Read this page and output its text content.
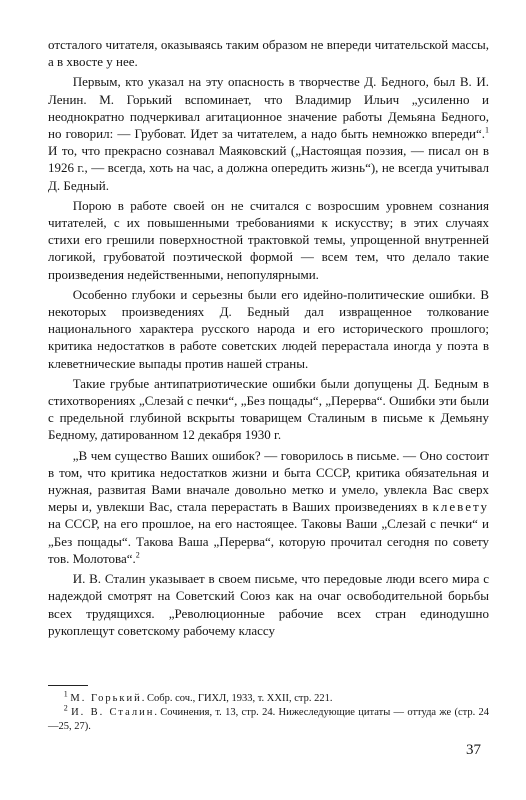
отсталого читателя, оказываясь таким образом не впереди читательской массы, а в хвосте у нее.

Первым, кто указал на эту опасность в творчестве Д. Бедного, был В. И. Ленин. М. Горький вспоминает, что Владимир Ильич „усиленно и неоднократно подчеркивал агитационное значение работы Демьяна Бедного, но говорил: — Грубоват. Идет за читателем, а надо быть немножко впереди“.$^1$ И то, что прекрасно сознавал Маяковский („Настоящая поэзия, — писал он в 1926 г., — всегда, хоть на час, а должна опередить жизнь“), не всегда учитывал Д. Бедный.

Порою в работе своей он не считался с возросшим уровнем сознания читателей, с их повышенными требованиями к искусству; в этих случаях стихи его грешили поверхностной трактовкой темы, упрощенной внутренней логикой, грубоватой поэтической формой — всем тем, что делало такие произведения недейственными, непопулярными.

Особенно глубоки и серьезны были его идейно-политические ошибки. В некоторых произведениях Д. Бедный дал извращенное толкование национального характера русского народа и его исторического прошлого; критика недостатков в работе советских людей перерастала иногда у поэта в клеветнические выпады против нашей страны.

Такие грубые антипатриотические ошибки были допущены Д. Бедным в стихотворениях „Слезай с печки“, „Без пощады“, „Перерва“. Ошибки эти были с предельной глубиной вскрыты товарищем Сталиным в письме к Демьяну Бедному, датированном 12 декабря 1930 г.

„В чем существо Ваших ошибок? — говорилось в письме. — Оно состоит в том, что критика недостатков жизни и быта СССР, критика обязательная и нужная, развитая Вами вначале довольно метко и умело, увлекла Вас сверх меры и, увлекши Вас, стала перерастать в Ваших произведениях в клевету на СССР, на его прошлое, на его настоящее. Таковы Ваши „Слезай с печки“ и „Без пощады“. Такова Ваша „Перерва“, которую прочитал сегодня по совету тов. Молотова“.$^2$

И. В. Сталин указывает в своем письме, что передовые люди всего мира с надеждой смотрят на Советский Союз как на очаг освободительной борьбы всех трудящихся. „Революционные рабочие всех стран единодушно рукоплещут советскому рабочему классу

$^1$ М. Горький. Собр. соч., ГИХЛ, 1933, т. XXII, стр. 221.

$^2$ И. В. Сталин. Сочинения, т. 13, стр. 24. Нижеследующие цитаты — оттуда же (стр. 24—25, 27).

37
